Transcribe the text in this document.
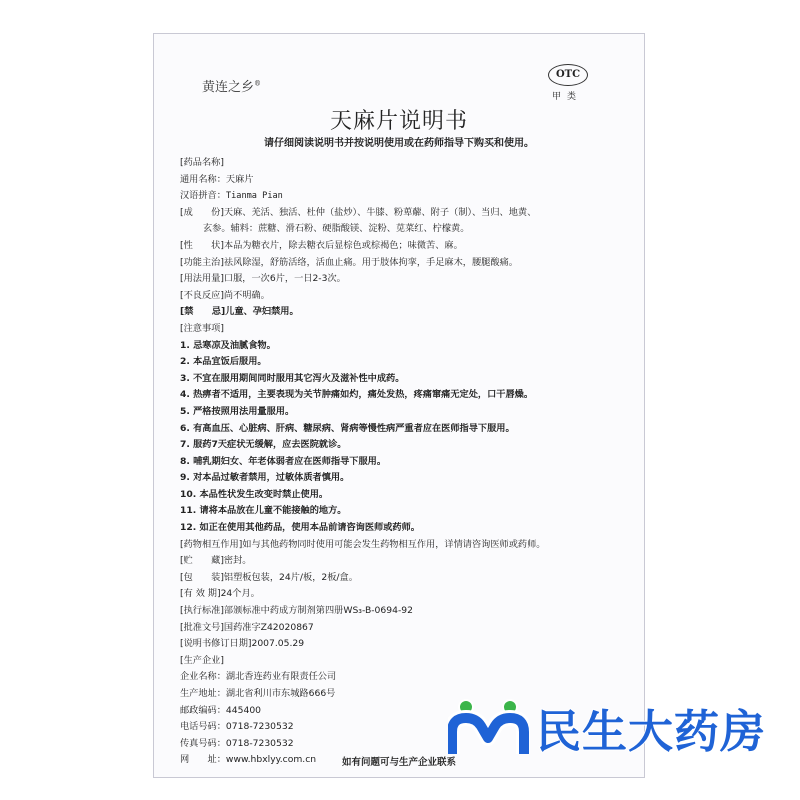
黄连之乡®
OTC
甲类
天麻片说明书
请仔细阅读说明书并按说明使用或在药师指导下购买和使用。
[药品名称]
通用名称：天麻片
汉语拼音：Tianma Pian
[成　　份]天麻、羌活、独活、杜仲（盐炒）、牛膝、粉萆薢、附子（制）、当归、地黄、
玄参。辅料：蔗糖、滑石粉、硬脂酸镁、淀粉、苋菜红、柠檬黄。
[性　　状]本品为糖衣片，除去糖衣后显棕色或棕褐色；味微苦、麻。
[功能主治]祛风除湿，舒筋活络，活血止痛。用于肢体拘挛，手足麻木，腰腿酸痛。
[用法用量]口服，一次6片，一日2-3次。
[不良反应]尚不明确。
[禁　　忌]儿童、孕妇禁用。
[注意事项]
1. 忌寒凉及油腻食物。
2. 本品宜饭后服用。
3. 不宜在服用期间同时服用其它泻火及滋补性中成药。
4. 热痹者不适用，主要表现为关节肿痛如灼，痛处发热，疼痛窜痛无定处，口干唇燥。
5. 严格按照用法用量服用。
6. 有高血压、心脏病、肝病、糖尿病、肾病等慢性病严重者应在医师指导下服用。
7. 服药7天症状无缓解，应去医院就诊。
8. 哺乳期妇女、年老体弱者应在医师指导下服用。
9. 对本品过敏者禁用，过敏体质者慎用。
10. 本品性状发生改变时禁止使用。
11. 请将本品放在儿童不能接触的地方。
12. 如正在使用其他药品，使用本品前请咨询医师或药师。
[药物相互作用]如与其他药物同时使用可能会发生药物相互作用，详情请咨询医师或药师。
[贮　　藏]密封。
[包　　装]铝塑板包装，24片/板，2板/盒。
[有 效 期]24个月。
[执行标准]部颁标准中药成方制剂第四册WS₃-B-0694-92
[批准文号]国药准字Z42020867
[说明书修订日期]2007.05.29
[生产企业]
企业名称：湖北香连药业有限责任公司
生产地址：湖北省利川市东城路666号
邮政编码：445400
电话号码：0718-7230532
传真号码：0718-7230532
网　　址：www.hbxlyy.com.cn	如有问题可与生产企业联系
民生大药房
